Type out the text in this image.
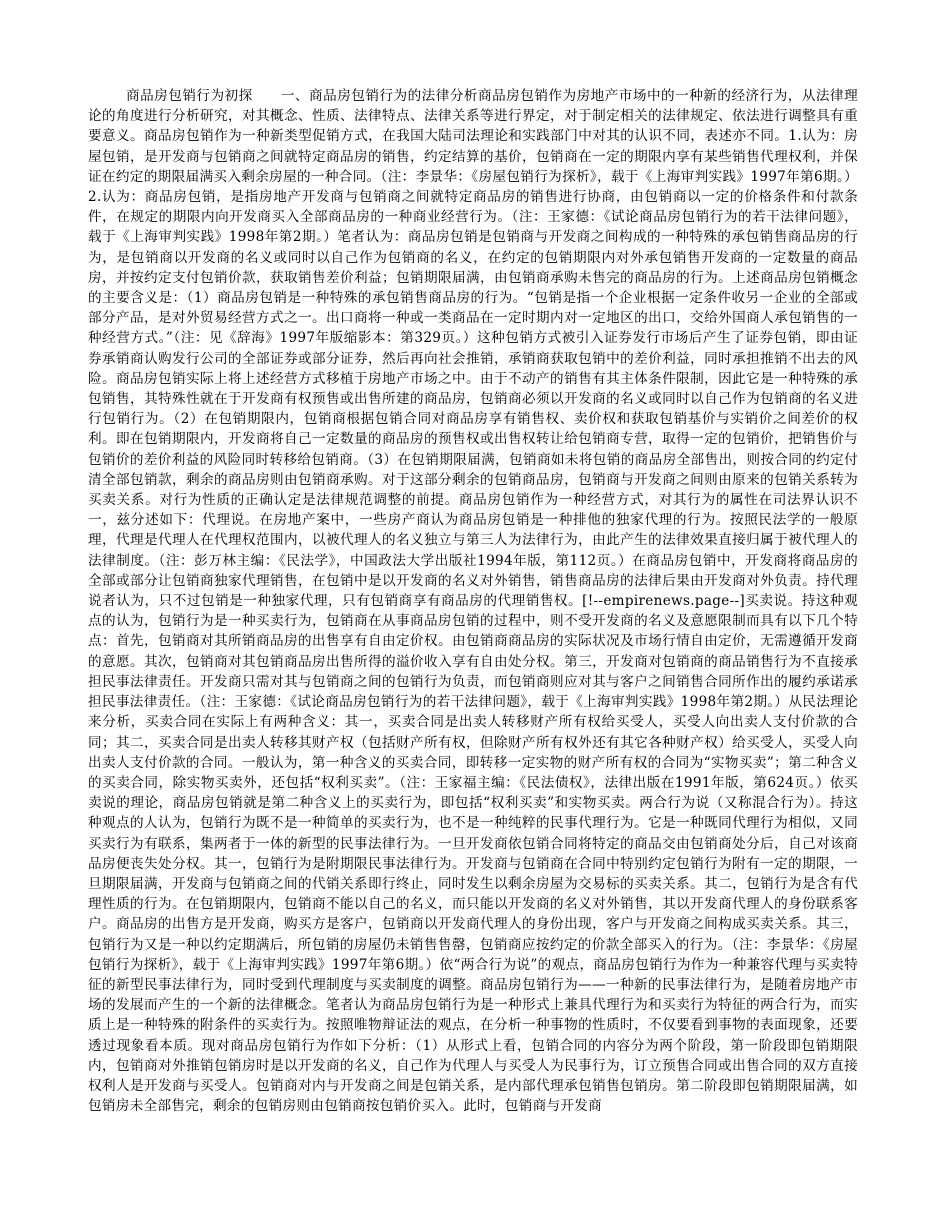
商品房包销行为初探　　一、商品房包销行为的法律分析商品房包销作为房地产市场中的一种新的经济行为，从法律理论的角度进行分析研究，对其概念、性质、法律特点、法律关系等进行界定，对于制定相关的法律规定、依法进行调整具有重要意义。商品房包销作为一种新类型促销方式，在我国大陆司法理论和实践部门中对其的认识不同，表述亦不同。1.认为：房屋包销，是开发商与包销商之间就特定商品房的销售，约定结算的基价，包销商在一定的期限内享有某些销售代理权利，并保证在约定的期限届满买入剩余房屋的一种合同。（注：李景华：《房屋包销行为探析》，载于《上海审判实践》1997年第6期。）2.认为：商品房包销，是指房地产开发商与包销商之间就特定商品房的销售进行协商，由包销商以一定的价格条件和付款条件，在规定的期限内向开发商买入全部商品房的一种商业经营行为。（注：王家德：《试论商品房包销行为的若干法律问题》，载于《上海审判实践》1998年第2期。）笔者认为：商品房包销是包销商与开发商之间构成的一种特殊的承包销售商品房的行为，是包销商以开发商的名义或同时以自己作为包销商的名义，在约定的包销期限内对外承包销售开发商的一定数量的商品房，并按约定支付包销价款，获取销售差价利益；包销期限届满，由包销商承购未售完的商品房的行为。上述商品房包销概念的主要含义是：（1）商品房包销是一种特殊的承包销售商品房的行为。“包销是指一个企业根据一定条件收另一企业的全部或部分产品，是对外贸易经营方式之一。出口商将一种或一类商品在一定时期内对一定地区的出口，交给外国商人承包销售的一种经营方式。”（注：见《辞海》1997年版缩影本：第329页。）这种包销方式被引入证券发行市场后产生了证券包销，即由证券承销商认购发行公司的全部证券或部分证券，然后再向社会推销，承销商获取包销中的差价利益，同时承担推销不出去的风险。商品房包销实际上将上述经营方式移植于房地产市场之中。由于不动产的销售有其主体条件限制，因此它是一种特殊的承包销售，其特殊性就在于开发商有权预售或出售所建的商品房，包销商必须以开发商的名义或同时以自己作为包销商的名义进行包销行为。（2）在包销期限内，包销商根据包销合同对商品房享有销售权、卖价权和获取包销基价与实销价之间差价的权利。即在包销期限内，开发商将自己一定数量的商品房的预售权或出售权转让给包销商专营，取得一定的包销价，把销售价与包销价的差价利益的风险同时转移给包销商。（3）在包销期限届满，包销商如未将包销的商品房全部售出，则按合同的约定付清全部包销款，剩余的商品房则由包销商承购。对于这部分剩余的包销商品房，包销商与开发商之间则由原来的包销关系转为买卖关系。对行为性质的正确认定是法律规范调整的前提。商品房包销作为一种经营方式，对其行为的属性在司法界认识不一，兹分述如下：代理说。在房地产案中，一些房产商认为商品房包销是一种排他的独家代理的行为。按照民法学的一般原理，代理是代理人在代理权范围内，以被代理人的名义独立与第三人为法律行为，由此产生的法律效果直接归属于被代理人的法律制度。（注：彭万林主编：《民法学》，中国政法大学出版社1994年版，第112页。）在商品房包销中，开发商将商品房的全部或部分让包销商独家代理销售，在包销中是以开发商的名义对外销售，销售商品房的法律后果由开发商对外负责。持代理说者认为，只不过包销是一种独家代理，只有包销商享有商品房的代理销售权。[!--empirenews.page--]买卖说。持这种观点的认为，包销行为是一种买卖行为，包销商在从事商品房包销的过程中，则不受开发商的名义及意愿限制而具有以下几个特点：首先，包销商对其所销商品房的出售享有自由定价权。由包销商商品房的实际状况及市场行情自由定价，无需遵循开发商的意愿。其次，包销商对其包销商品房出售所得的溢价收入享有自由处分权。第三，开发商对包销商的商品销售行为不直接承担民事法律责任。开发商只需对其与包销商之间的包销行为负责，而包销商则应对其与客户之间销售合同所作出的履约承诺承担民事法律责任。（注：王家德：《试论商品房包销行为的若干法律问题》，载于《上海审判实践》1998年第2期。）从民法理论来分析，买卖合同在实际上有两种含义：其一，买卖合同是出卖人转移财产所有权给买受人，买受人向出卖人支付价款的合同；其二，买卖合同是出卖人转移其财产权（包括财产所有权，但除财产所有权外还有其它各种财产权）给买受人，买受人向出卖人支付价款的合同。一般认为，第一种含义的买卖合同，即转移一定实物的财产所有权的合同为“实物买卖”；第二种含义的买卖合同，除实物买卖外，还包括“权利买卖”。（注：王家福主编：《民法债权》，法律出版在1991年版，第624页。）依买卖说的理论，商品房包销就是第二种含义上的买卖行为，即包括“权利买卖”和实物买卖。两合行为说（又称混合行为）。持这种观点的人认为，包销行为既不是一种简单的买卖行为，也不是一种纯粹的民事代理行为。它是一种既同代理行为相似，又同买卖行为有联系，集两者于一体的新型的民事法律行为。一旦开发商依包销合同将特定的商品交由包销商处分后，自己对该商品房便丧失处分权。其一，包销行为是附期限民事法律行为。开发商与包销商在合同中特别约定包销行为附有一定的期限，一旦期限届满，开发商与包销商之间的代销关系即行终止，同时发生以剩余房屋为交易标的买卖关系。其二，包销行为是含有代理性质的行为。在包销期限内，包销商不能以自己的名义，而只能以开发商的名义对外销售，其以开发商代理人的身份联系客户。商品房的出售方是开发商，购买方是客户，包销商以开发商代理人的身份出现，客户与开发商之间构成买卖关系。其三，包销行为又是一种以约定期满后，所包销的房屋仍未销售售罄，包销商应按约定的价款全部买入的行为。（注：李景华：《房屋包销行为探析》，载于《上海审判实践》1997年第6期。）依“两合行为说”的观点，商品房包销行为作为一种兼容代理与买卖特征的新型民事法律行为，同时受到代理制度与买卖制度的调整。商品房包销行为——一种新的民事法律行为，是随着房地产市场的发展而产生的一个新的法律概念。笔者认为商品房包销行为是一种形式上兼具代理行为和买卖行为特征的两合行为，而实质上是一种特殊的附条件的买卖行为。按照唯物辩证法的观点，在分析一种事物的性质时，不仅要看到事物的表面现象，还要透过现象看本质。现对商品房包销行为作如下分析：（1）从形式上看，包销合同的内容分为两个阶段，第一阶段即包销期限内，包销商对外推销包销房时是以开发商的名义，自己作为代理人与买受人为民事行为，订立预售合同或出售合同的双方直接权利人是开发商与买受人。包销商对内与开发商之间是包销关系，是内部代理承包销售包销房。第二阶段即包销期限届满，如包销房未全部售完，剩余的包销房则由包销商按包销价买入。此时，包销商与开发商
